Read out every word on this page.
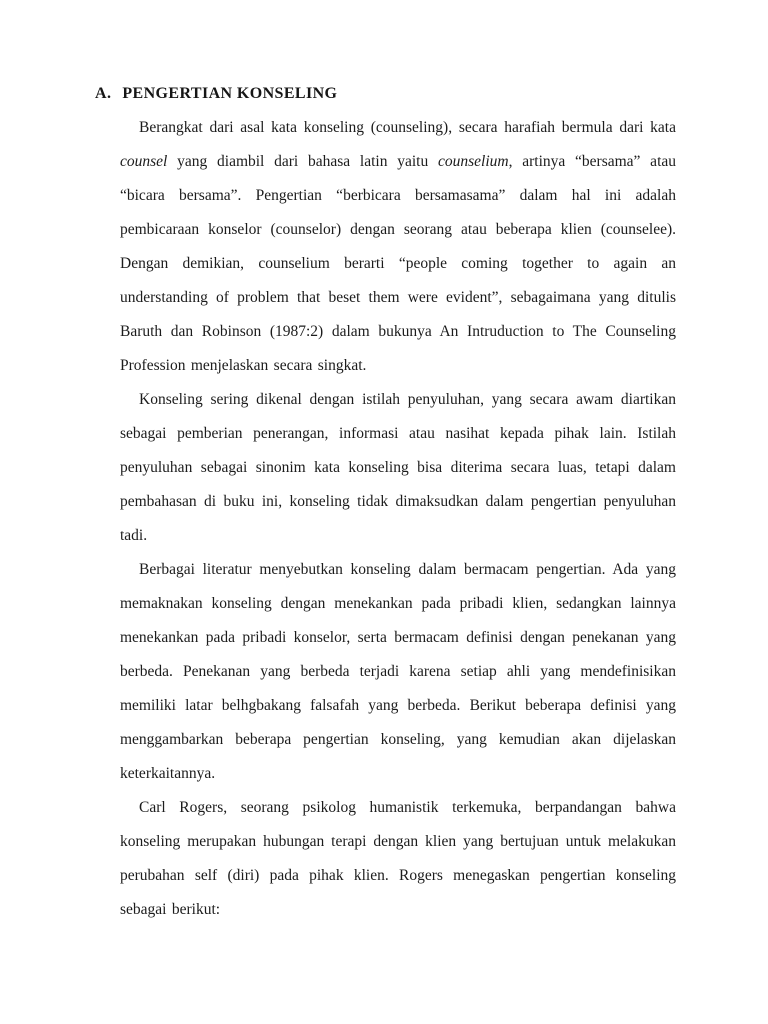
A. PENGERTIAN KONSELING

Berangkat dari asal kata konseling (counseling), secara harafiah bermula dari kata counsel yang diambil dari bahasa latin yaitu counselium, artinya “bersama” atau “bicara bersama”. Pengertian “berbicara bersamasama” dalam hal ini adalah pembicaraan konselor (counselor) dengan seorang atau beberapa klien (counselee). Dengan demikian, counselium berarti “people coming together to again an understanding of problem that beset them were evident”, sebagaimana yang ditulis Baruth dan Robinson (1987:2) dalam bukunya An Intruduction to The Counseling Profession menjelaskan secara singkat.

Konseling sering dikenal dengan istilah penyuluhan, yang secara awam diartikan sebagai pemberian penerangan, informasi atau nasihat kepada pihak lain. Istilah penyuluhan sebagai sinonim kata konseling bisa diterima secara luas, tetapi dalam pembahasan di buku ini, konseling tidak dimaksudkan dalam pengertian penyuluhan tadi.

Berbagai literatur menyebutkan konseling dalam bermacam pengertian. Ada yang memaknakan konseling dengan menekankan pada pribadi klien, sedangkan lainnya menekankan pada pribadi konselor, serta bermacam definisi dengan penekanan yang berbeda. Penekanan yang berbeda terjadi karena setiap ahli yang mendefinisikan memiliki latar belhgbakang falsafah yang berbeda. Berikut beberapa definisi yang menggambarkan beberapa pengertian konseling, yang kemudian akan dijelaskan keterkaitannya.

Carl Rogers, seorang psikolog humanistik terkemuka, berpandangan bahwa konseling merupakan hubungan terapi dengan klien yang bertujuan untuk melakukan perubahan self (diri) pada pihak klien. Rogers menegaskan pengertian konseling sebagai berikut:
